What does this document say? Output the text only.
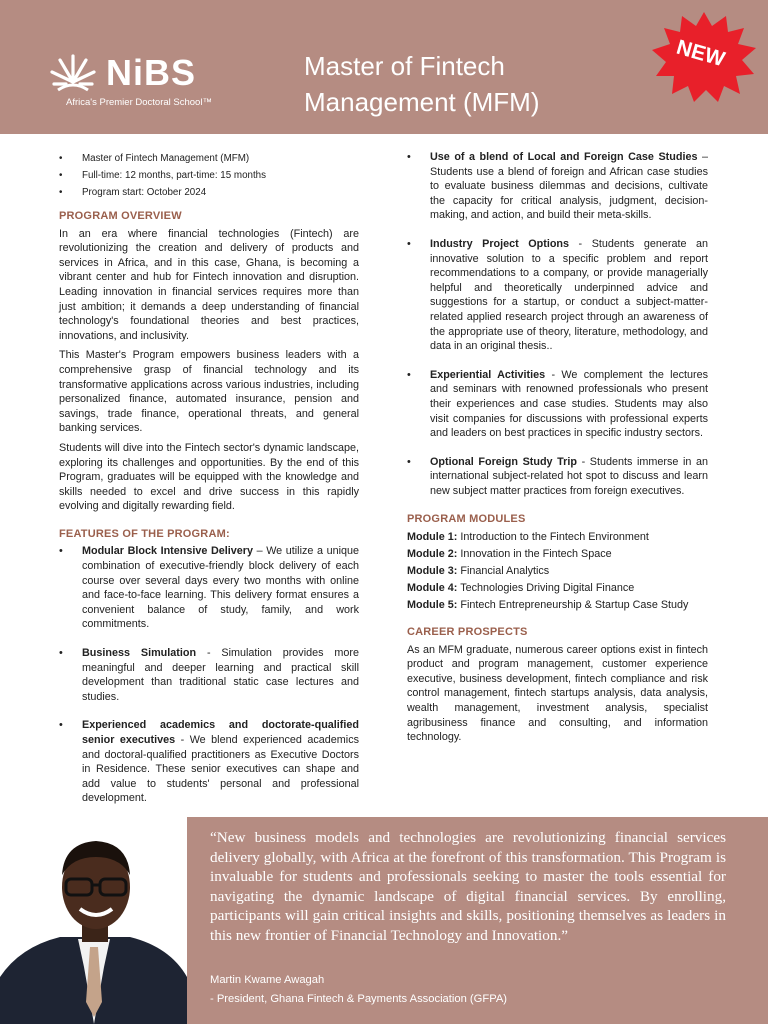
NiBS
Africa's Premier Doctoral School™
Master of Fintech Management (MFM)
NEW
• Master of Fintech Management (MFM)
• Full-time: 12 months, part-time: 15 months
• Program start: October 2024
PROGRAM OVERVIEW

In an era where financial technologies (Fintech) are revolutionizing the creation and delivery of products and services in Africa, and in this case, Ghana, is becoming a vibrant center and hub for Fintech innovation and disruption. Leading innovation in financial services requires more than just ambition; it demands a deep understanding of financial technology's foundational theories and best practices, innovations, and inclusivity.

This Master's Program empowers business leaders with a comprehensive grasp of financial technology and its transformative applications across various industries, including personalized finance, automated insurance, pension and savings, trade finance, operational threats, and general banking services.

Students will dive into the Fintech sector's dynamic landscape, exploring its challenges and opportunities. By the end of this Program, graduates will be equipped with the knowledge and skills needed to excel and drive success in this rapidly evolving and digitally rewarding field.

FEATURES OF THE PROGRAM:
• Modular Block Intensive Delivery – We utilize a unique combination of executive-friendly block delivery of each course over several days every two months with online and face-to-face learning. This delivery format ensures a convenient balance of study, family, and work commitments.
• Business Simulation - Simulation provides more meaningful and deeper learning and practical skill development than traditional static case lectures and studies.
• Experienced academics and doctorate-qualified senior executives - We blend experienced academics and doctoral-qualified practitioners as Executive Doctors in Residence. These senior executives can shape and add value to students' personal and professional development.
• Use of a blend of Local and Foreign Case Studies – Students use a blend of foreign and African case studies to evaluate business dilemmas and decisions, cultivate the capacity for critical analysis, judgment, decision-making, and action, and build their meta-skills.
• Industry Project Options - Students generate an innovative solution to a specific problem and report recommendations to a company, or provide managerially helpful and theoretically underpinned advice and suggestions for a startup, or conduct a subject-matter-related applied research project through an awareness of the appropriate use of theory, literature, methodology, and data in an original thesis..
• Experiential Activities - We complement the lectures and seminars with renowned professionals who present their experiences and case studies. Students may also visit companies for discussions with professional experts and leaders on best practices in specific industry sectors.
• Optional Foreign Study Trip - Students immerse in an international subject-related hot spot to discuss and learn new subject matter practices from foreign executives.
PROGRAM MODULES
Module 1: Introduction to the Fintech Environment
Module 2: Innovation in the Fintech Space
Module 3: Financial Analytics
Module 4: Technologies Driving Digital Finance
Module 5: Fintech Entrepreneurship & Startup Case Study
CAREER PROSPECTS

As an MFM graduate, numerous career options exist in fintech product and program management, customer experience executive, business development, fintech compliance and risk control management, fintech startups analysis, data analysis, wealth management, investment analysis, specialist agribusiness finance and consulting, and information technology.

“New business models and technologies are revolutionizing financial services delivery globally, with Africa at the forefront of this transformation. This Program is invaluable for students and professionals seeking to master the tools essential for navigating the dynamic landscape of digital financial services. By enrolling, participants will gain critical insights and skills, positioning themselves as leaders in this new frontier of Financial Technology and Innovation.”
Martin Kwame Awagah
- President, Ghana Fintech & Payments Association (GFPA)
